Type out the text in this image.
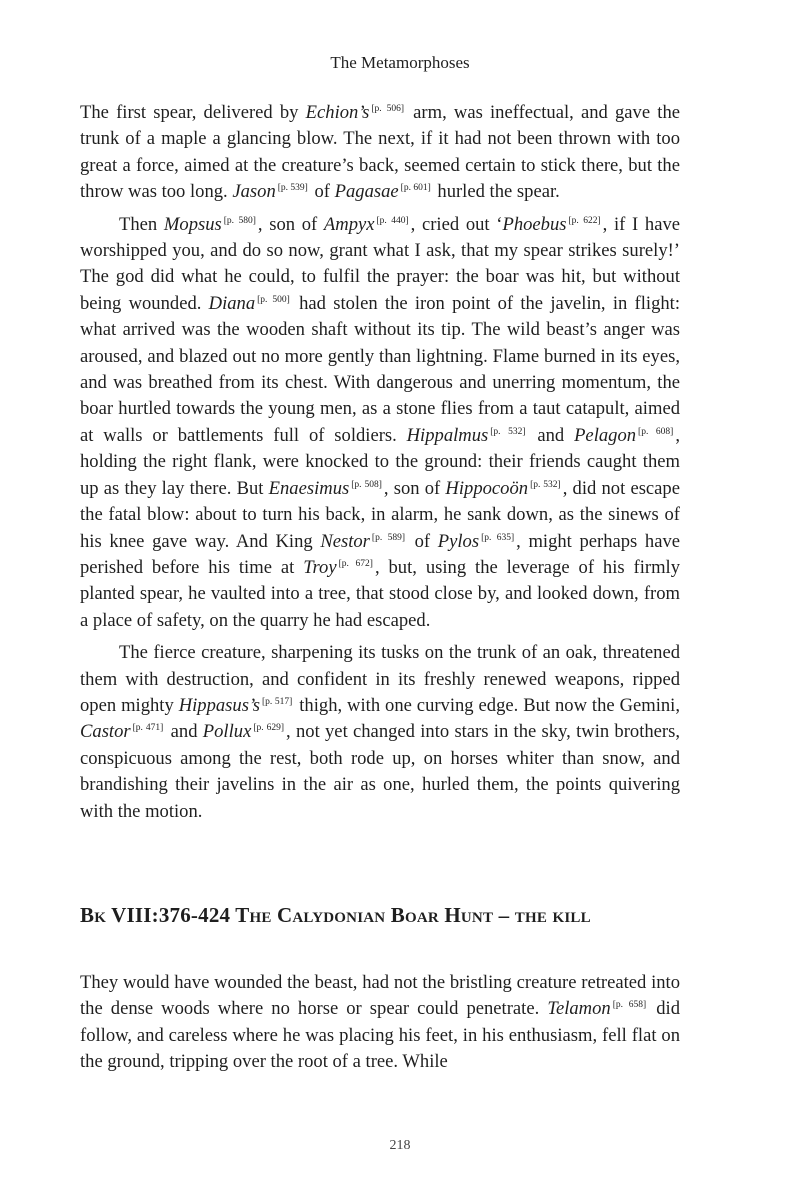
The Metamorphoses

The first spear, delivered by Echion’s [p. 506] arm, was ineffectual, and gave the trunk of a maple a glancing blow. The next, if it had not been thrown with too great a force, aimed at the creature’s back, seemed certain to stick there, but the throw was too long. Jason [p. 539] of Pagasae [p. 601] hurled the spear.

Then Mopsus [p. 580] , son of Ampyx [p. 440] , cried out ‘Phoebus [p. 622] , if I have worshipped you, and do so now, grant what I ask, that my spear strikes surely!’ The god did what he could, to fulfil the prayer: the boar was hit, but without being wounded. Diana [p. 500] had stolen the iron point of the javelin, in flight: what arrived was the wooden shaft without its tip. The wild beast’s anger was aroused, and blazed out no more gently than lightning. Flame burned in its eyes, and was breathed from its chest. With dangerous and unerring momentum, the boar hurtled towards the young men, as a stone flies from a taut catapult, aimed at walls or battlements full of soldiers. Hippalmus [p. 532] and Pelagon [p. 608] , holding the right flank, were knocked to the ground: their friends caught them up as they lay there. But Enaesimus [p. 508] , son of Hippocoön [p. 532] , did not escape the fatal blow: about to turn his back, in alarm, he sank down, as the sinews of his knee gave way. And King Nestor [p. 589] of Pylos [p. 635] , might perhaps have perished before his time at Troy [p. 672] , but, using the leverage of his firmly planted spear, he vaulted into a tree, that stood close by, and looked down, from a place of safety, on the quarry he had escaped.

The fierce creature, sharpening its tusks on the trunk of an oak, threatened them with destruction, and confident in its freshly renewed weapons, ripped open mighty Hippasus’s [p. 517] thigh, with one curving edge. But now the Gemini, Castor [p. 471] and Pollux [p. 629] , not yet changed into stars in the sky, twin brothers, conspicuous among the rest, both rode up, on horses whiter than snow, and brandishing their javelins in the air as one, hurled them, the points quivering with the motion.

Bk VIII:376-424 The Calydonian Boar Hunt – the kill

They would have wounded the beast, had not the bristling creature retreated into the dense woods where no horse or spear could penetrate. Telamon [p. 658] did follow, and careless where he was placing his feet, in his enthusiasm, fell flat on the ground, tripping over the root of a tree. While

218
